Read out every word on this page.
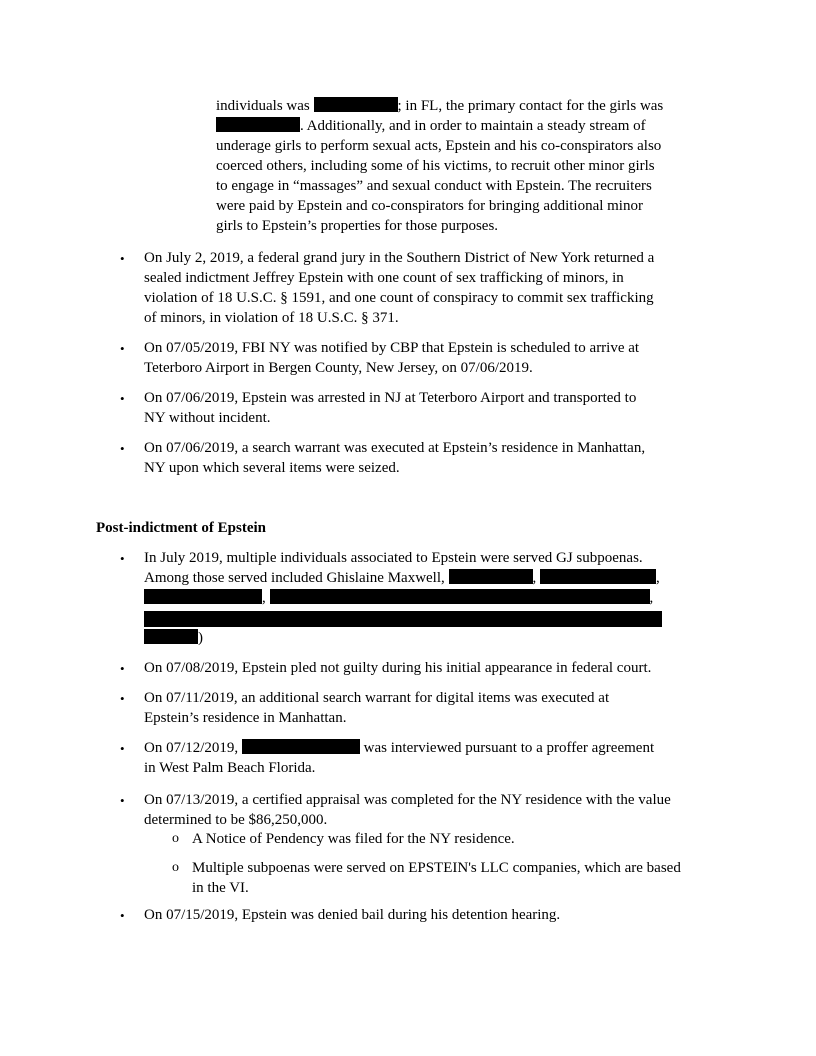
individuals was	; in FL, the primary contact for the girls was
. Additionally, and in order to maintain a steady stream of
underage girls to perform sexual acts, Epstein and his co-conspirators also
coerced others, including some of his victims, to recruit other minor girls
to engage in “massages” and sexual conduct with Epstein. The recruiters
were paid by Epstein and co-conspirators for bringing additional minor
girls to Epstein’s properties for those purposes.
• On July 2, 2019, a federal grand jury in the Southern District of New York returned a
sealed indictment Jeffrey Epstein with one count of sex trafficking of minors, in
violation of 18 U.S.C. § 1591, and one count of conspiracy to commit sex trafficking
of minors, in violation of 18 U.S.C. § 371.
• On 07/05/2019, FBI NY was notified by CBP that Epstein is scheduled to arrive at
Teterboro Airport in Bergen County, New Jersey, on 07/06/2019.
• On 07/06/2019, Epstein was arrested in NJ at Teterboro Airport and transported to
NY without incident.
• On 07/06/2019, a search warrant was executed at Epstein’s residence in Manhattan,
NY upon which several items were seized.
Post-indictment of Epstein
• In July 2019, multiple individuals associated to Epstein were served GJ subpoenas.
Among those served included Ghislaine Maxwell,	,	,
,	,
)
• On 07/08/2019, Epstein pled not guilty during his initial appearance in federal court.
• On 07/11/2019, an additional search warrant for digital items was executed at
Epstein’s residence in Manhattan.
• On 07/12/2019,	was interviewed pursuant to a proffer agreement
in West Palm Beach Florida.
• On 07/13/2019, a certified appraisal was completed for the NY residence with the value
determined to be $86,250,000.
o A Notice of Pendency was filed for the NY residence.
o Multiple subpoenas were served on EPSTEIN's LLC companies, which are based
in the VI.
• On 07/15/2019, Epstein was denied bail during his detention hearing.
